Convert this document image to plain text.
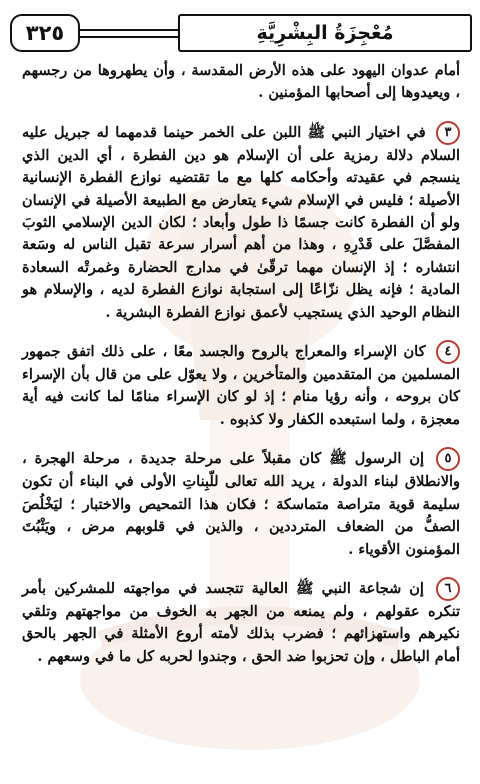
مُعْجِزَةُ البِشْرِيَّةِ
٣٢٥

أمام عدوان اليهود على هذه الأرض المقدسة ، وأن يطهروها من رجسهم ، ويعيدوها إلى أصحابها المؤمنين .

٣ في اختيار النبي ﷺ اللبن على الخمر حينما قدمهما له جبريل عليه السلام دلالة رمزية على أن الإسلام هو دين الفطرة ، أي الدين الذي ينسجم في عقيدته وأحكامه كلها مع ما تقتضيه نوازع الفطرة الإنسانية الأصيلة ؛ فليس في الإسلام شيء يتعارض مع الطبيعة الأصيلة في الإنسان ولو أن الفطرة كانت جسمًا ذا طول وأبعاد ؛ لكان الدين الإسلامي الثوبَ المفصَّلَ على قَدْرِهِ ، وهذا من أهم أسرار سرعة تقبل الناس له وسَعة انتشاره ؛ إذ الإنسان مهما ترقّىٰ في مدارج الحضارة وغمرتْه السعادة المادية ؛ فإنه يظل نزّاعًا إلى استجابة نوازع الفطرة لديه ، والإسلام هو النظام الوحيد الذي يستجيب لأعمق نوازع الفطرة البشرية .

٤ كان الإسراء والمعراج بالروح والجسد معًا ، على ذلك اتفق جمهور المسلمين من المتقدمين والمتأخرين ، ولا يعوّل على من قال بأن الإسراء كان بروحه ، وأنه رؤيا منام ؛ إذ لو كان الإسراء منامًا لما كانت فيه أية معجزة ، ولما استبعده الكفار ولا كذبوه .

٥ إن الرسول ﷺ كان مقبلاً على مرحلة جديدة ، مرحلة الهجرة ، والانطلاق لبناء الدولة ، يريد الله تعالى للّبِناتِ الأولى في البناء أن تكون سليمة قوية متراصة متماسكة ؛ فكان هذا التمحيص والاختبار ؛ ليَخْلُصَ الصفُّ من الضعاف المترددين ، والذين في قلوبهم مرض ، ويَثْبُتَ المؤمنون الأقوياء .

٦ إن شجاعة النبي ﷺ العالية تتجسد في مواجهته للمشركين بأمر تنكره عقولهم ، ولم يمنعه من الجهر به الخوف من مواجهتهم وتلقي نكيرهم واستهزائهم ؛ فضرب بذلك لأمته أروع الأمثلة في الجهر بالحق أمام الباطل ، وإن تحزبوا ضد الحق ، وجندوا لحربه كل ما في وسعهم .
